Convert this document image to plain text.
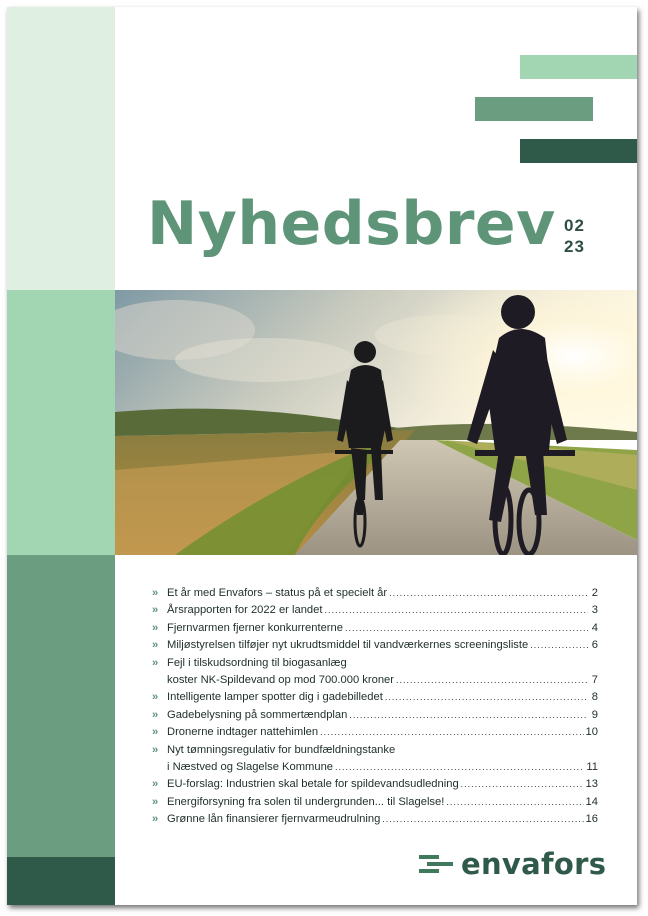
Nyhedsbrev 02
23
» Et år med Envafors – status på et specielt år .....	2
» Årsrapporten for 2022 er landet .....	3
» Fjernvarmen fjerner konkurrenterne .....	4
» Miljøstyrelsen tilføjer nyt ukrudtsmiddel til vandværkernes screeningsliste .....	6
» Fejl i tilskudsordning til biogasanlæg
koster NK-Spildevand op mod 700.000 kroner .....	7
» Intelligente lamper spotter dig i gadebilledet .....	8
» Gadebelysning på sommertændplan .....	9
» Dronerne indtager nattehimlen .....	10
» Nyt tømningsregulativ for bundfældningstanke
i Næstved og Slagelse Kommune .....	11
» EU-forslag: Industrien skal betale for spildevandsudledning .....	13
» Energiforsyning fra solen til undergrunden... til Slagelse! .....	14
» Grønne lån finansierer fjernvarmeudrulning .....	16
envafors
